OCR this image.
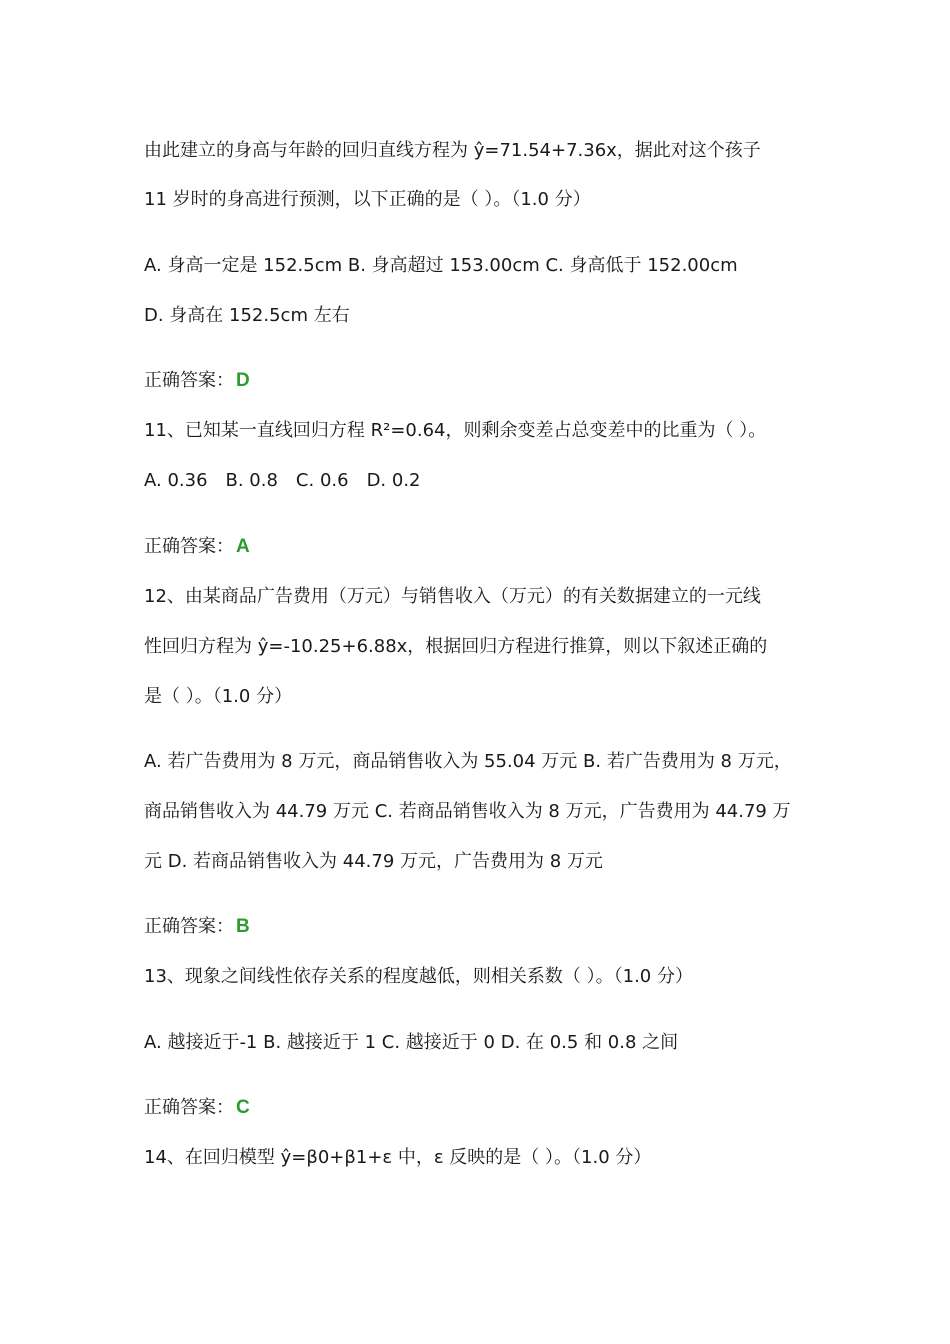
由此建立的身高与年龄的回归直线方程为 ŷ=71.54+7.36x，据此对这个孩子
11 岁时的身高进行预测，以下正确的是（ ）。（1.0 分）
A. 身高一定是 152.5cm B. 身高超过 153.00cm C. 身高低于 152.00cm
D. 身高在 152.5cm 左右
正确答案： D
11、已知某一直线回归方程 R²=0.64，则剩余变差占总变差中的比重为（ ）。
A. 0.36　B. 0.8　C. 0.6　D. 0.2
正确答案： A
12、由某商品广告费用（万元）与销售收入（万元）的有关数据建立的一元线
性回归方程为 ŷ=-10.25+6.88x，根据回归方程进行推算，则以下叙述正确的
是（ ）。（1.0 分）
A. 若广告费用为 8 万元，商品销售收入为 55.04 万元 B. 若广告费用为 8 万元，
商品销售收入为 44.79 万元 C. 若商品销售收入为 8 万元，广告费用为 44.79 万
元 D. 若商品销售收入为 44.79 万元，广告费用为 8 万元
正确答案： B
13、现象之间线性依存关系的程度越低，则相关系数（ ）。（1.0 分）
A. 越接近于-1 B. 越接近于 1 C. 越接近于 0 D. 在 0.5 和 0.8 之间
正确答案： C
14、在回归模型 ŷ=β0+β1+ε 中，ε 反映的是（ ）。（1.0 分）
